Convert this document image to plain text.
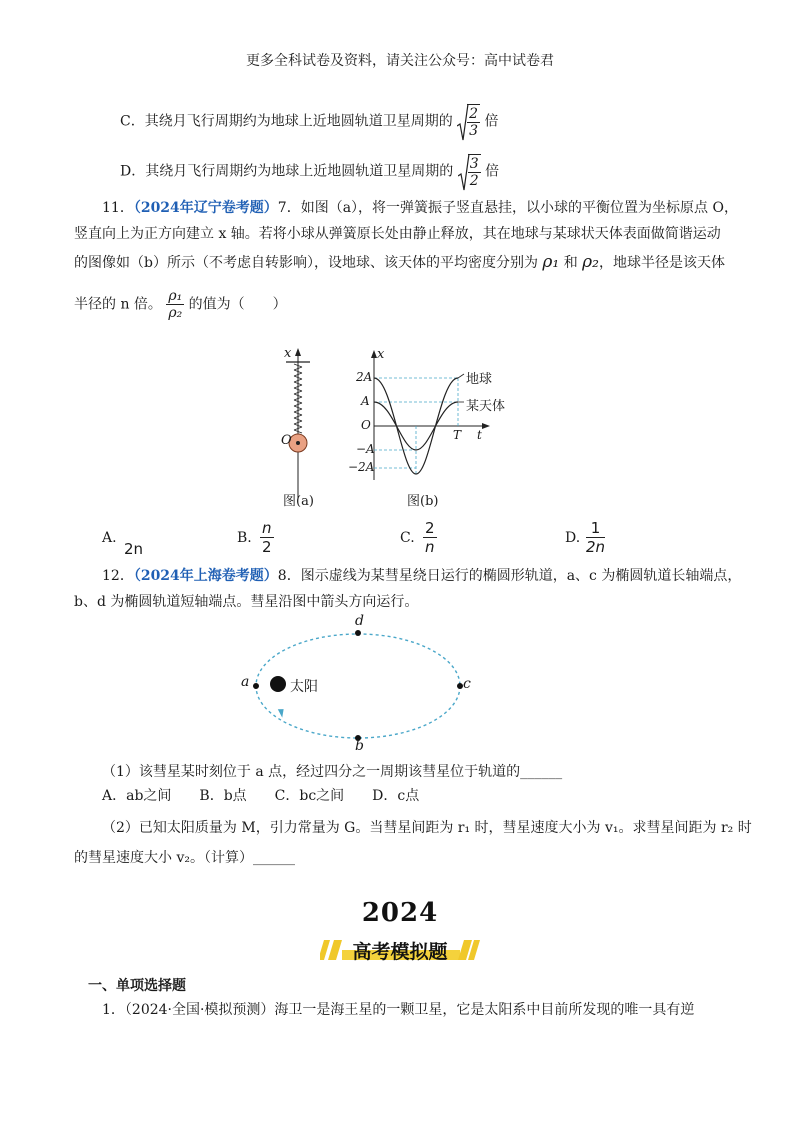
更多全科试卷及资料，请关注公众号：高中试卷君
C．其绕月飞行周期约为地球上近地圆轨道卫星周期的 $\frac{2}{3}$ 倍
D．其绕月飞行周期约为地球上近地圆轨道卫星周期的 $\frac{3}{2}$ 倍
11．（2024年辽宁卷考题）7．如图（a），将一弹簧振子竖直悬挂，以小球的平衡位置为坐标原点 O，
竖直向上为正方向建立 x 轴。若将小球从弹簧原长处由静止释放，其在地球与某球状天体表面做简谐运动
的图像如（b）所示（不考虑自转影响），设地球、该天体的平均密度分别为 ρ₁ 和 ρ₂，地球半径是该天体
半径的 n 倍。 $\frac{\text{ρ₁}}{\text{ρ₂}}$ 的值为（　　）
x
O
图(a)
x
2A
A
O
−A
−2A
T t
地球
某天体
图(b)
A.
2n
B.
n
2	C.
2
n	D.
1
2n
12．（2024年上海卷考题）8．图示虚线为某彗星绕日运行的椭圆形轨道，a、c 为椭圆轨道长轴端点，
b、d 为椭圆轨道短轴端点。彗星沿图中箭头方向运行。
d
b
a	c
太阳
（1）该彗星某时刻位于 a 点，经过四分之一周期该彗星位于轨道的______
A．ab之间　　B．b点　　C．bc之间　　D．c点
（2）已知太阳质量为 M，引力常量为 G。当彗星间距为 r₁ 时，彗星速度大小为 v₁。求彗星间距为 r₂ 时
的彗星速度大小 v₂。（计算）______
2024
高考模拟题
一、单项选择题
1．（2024·全国·模拟预测）海卫一是海王星的一颗卫星，它是太阳系中目前所发现的唯一具有逆
